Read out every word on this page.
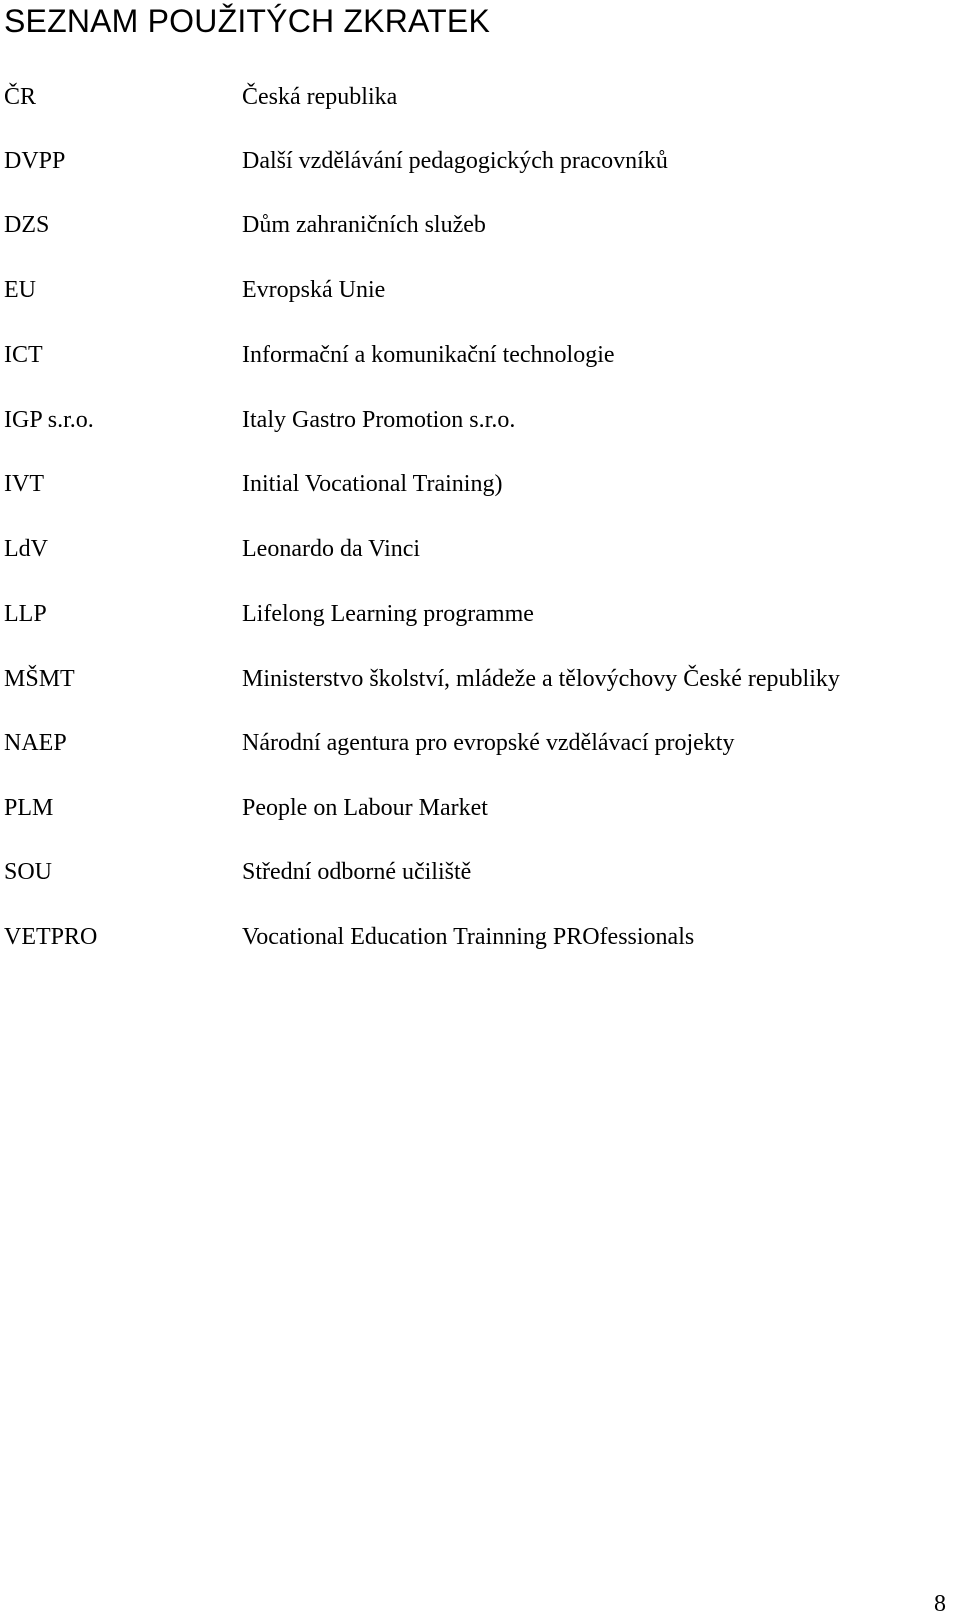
SEZNAM POUŽITÝCH ZKRATEK
ČR	Česká republika
DVPP	Další vzdělávání pedagogických pracovníků
DZS	Dům zahraničních služeb
EU	Evropská Unie
ICT	Informační a komunikační technologie
IGP s.r.o.	Italy Gastro Promotion s.r.o.
IVT	Initial Vocational Training)
LdV	Leonardo da Vinci
LLP	Lifelong Learning programme
MŠMT	Ministerstvo školství, mládeže a tělovýchovy České republiky
NAEP	Národní agentura pro evropské vzdělávací projekty
PLM	People on Labour Market
SOU	Střední odborné učiliště
VETPRO	Vocational Education Trainning PROfessionals
8
